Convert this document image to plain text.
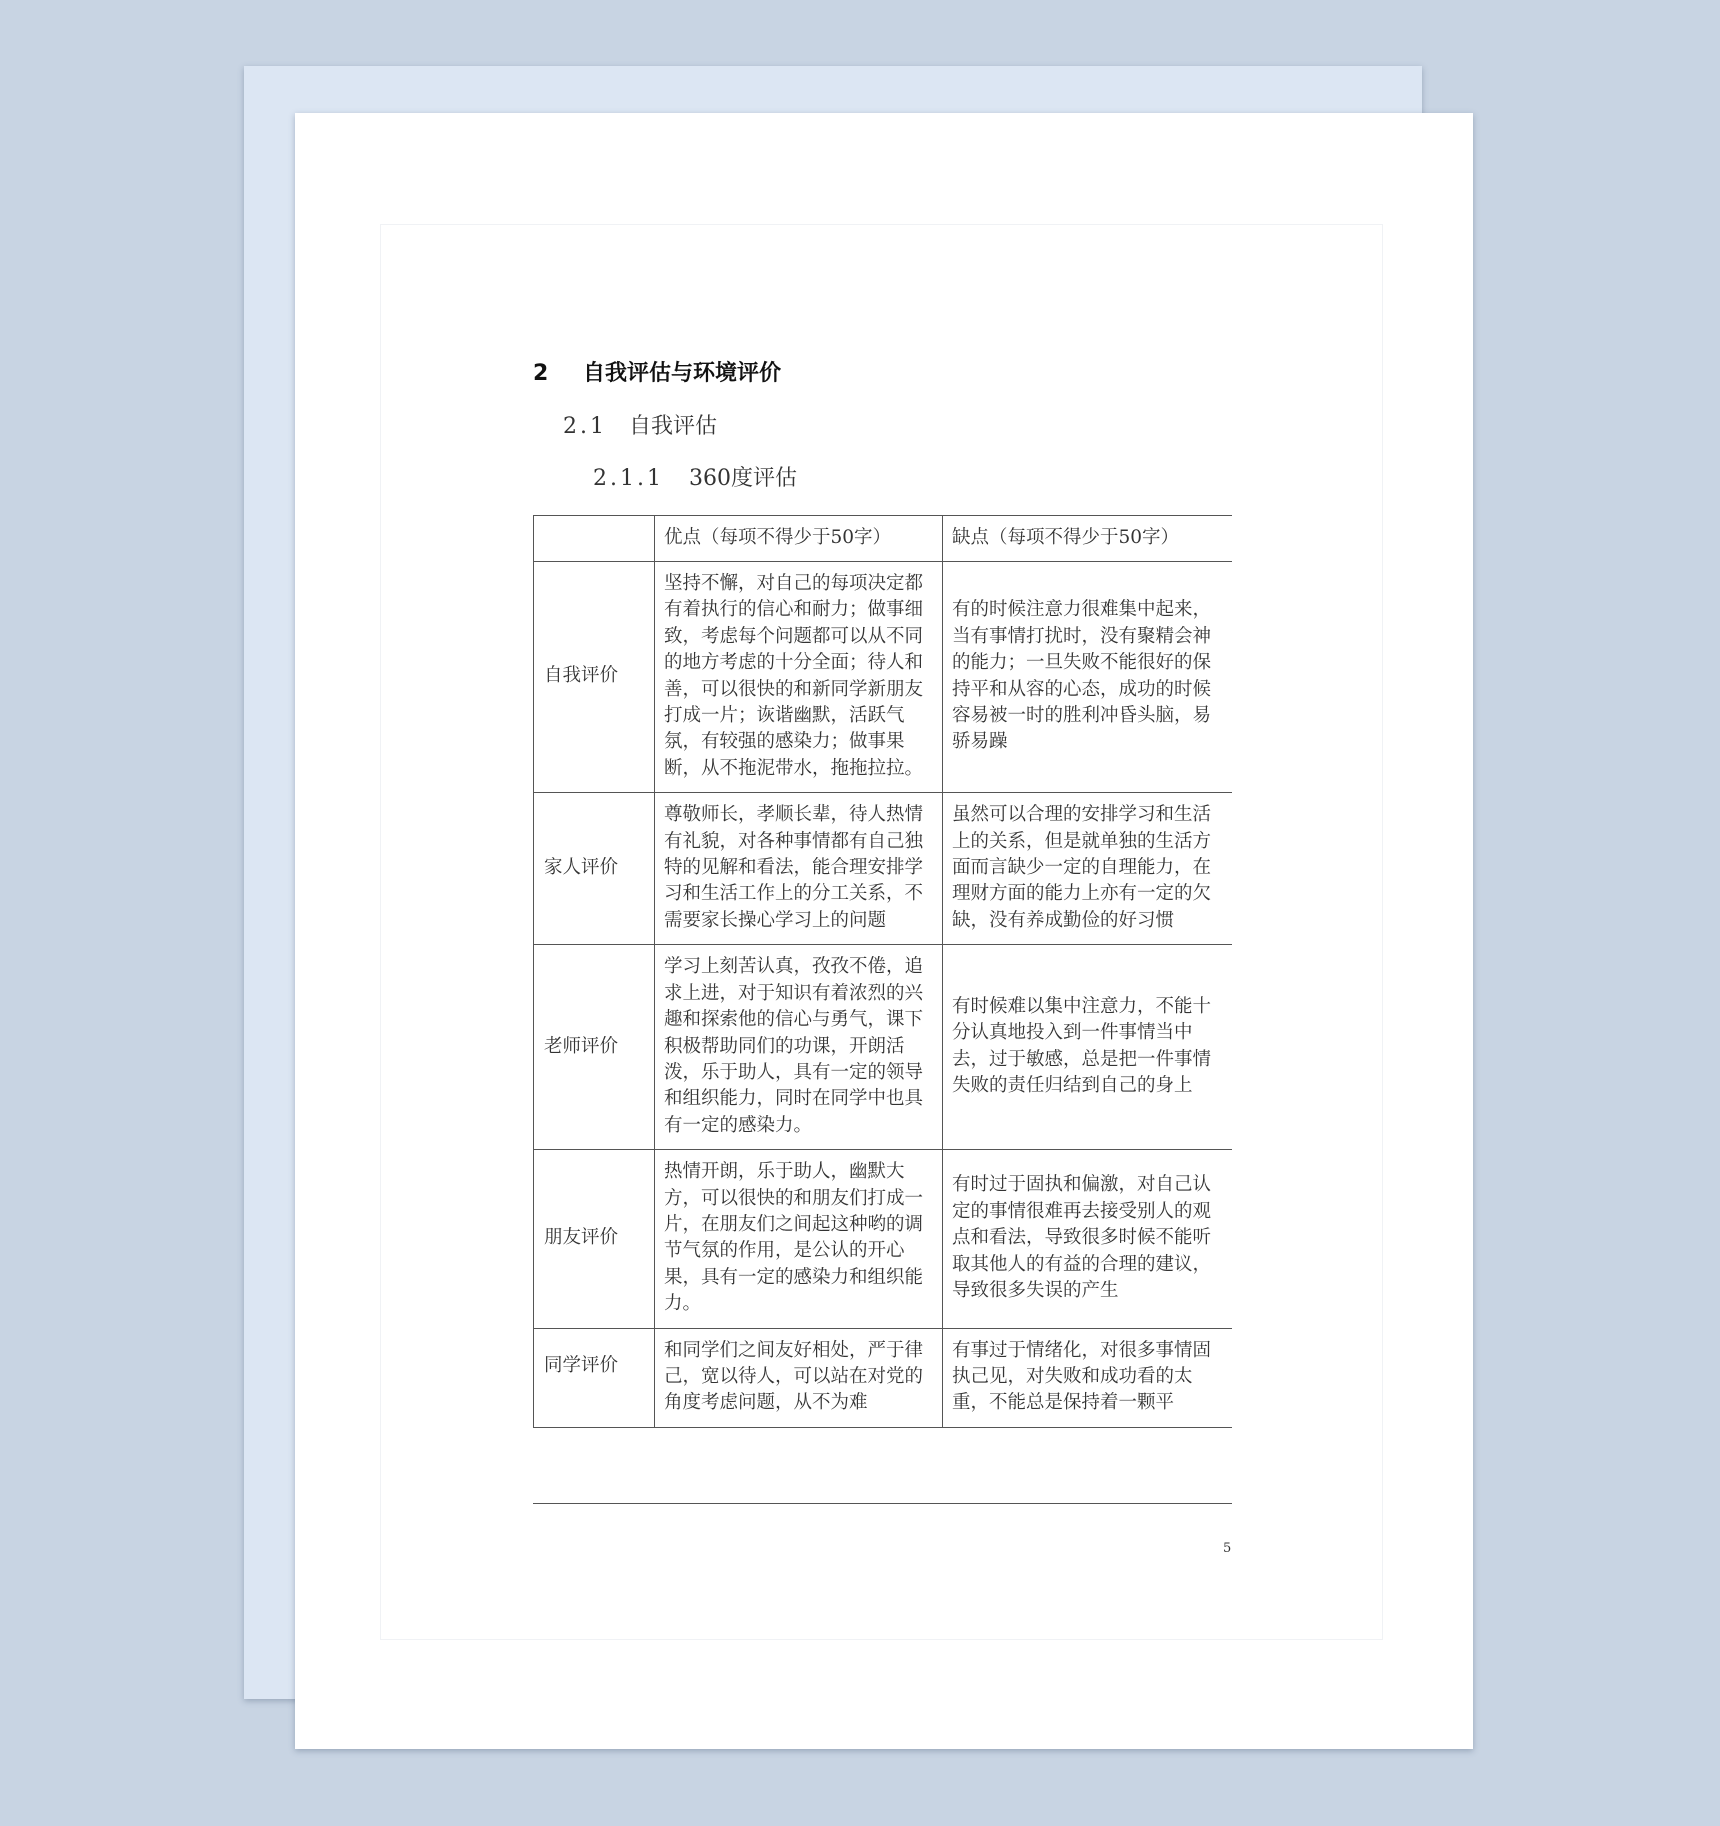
2 自我评估与环境评价
2.1 自我评估
2.1.1 360度评估
	优点（每项不得少于50字）	缺点（每项不得少于50字）
自我评价	坚持不懈，对自己的每项决定都有着执行的信心和耐力；做事细致，考虑每个问题都可以从不同的地方考虑的十分全面；待人和善，可以很快的和新同学新朋友打成一片；诙谐幽默，活跃气氛，有较强的感染力；做事果断，从不拖泥带水，拖拖拉拉。	有的时候注意力很难集中起来，当有事情打扰时，没有聚精会神的能力；一旦失败不能很好的保持平和从容的心态，成功的时候容易被一时的胜利冲昏头脑，易骄易躁
家人评价	尊敬师长，孝顺长辈，待人热情有礼貌，对各种事情都有自己独特的见解和看法，能合理安排学习和生活工作上的分工关系，不需要家长操心学习上的问题	虽然可以合理的安排学习和生活上的关系，但是就单独的生活方面而言缺少一定的自理能力，在理财方面的能力上亦有一定的欠缺，没有养成勤俭的好习惯
老师评价	学习上刻苦认真，孜孜不倦，追求上进，对于知识有着浓烈的兴趣和探索他的信心与勇气，课下积极帮助同们的功课，开朗活泼，乐于助人，具有一定的领导和组织能力，同时在同学中也具有一定的感染力。	有时候难以集中注意力，不能十分认真地投入到一件事情当中去，过于敏感，总是把一件事情失败的责任归结到自己的身上
朋友评价	热情开朗，乐于助人，幽默大方，可以很快的和朋友们打成一片，在朋友们之间起这种哟的调节气氛的作用，是公认的开心果，具有一定的感染力和组织能力。	有时过于固执和偏激，对自己认定的事情很难再去接受别人的观点和看法，导致很多时候不能听取其他人的有益的合理的建议，导致很多失误的产生
同学评价	和同学们之间友好相处，严于律己，宽以待人，可以站在对党的角度考虑问题，从不为难	有事过于情绪化，对很多事情固执己见，对失败和成功看的太重，不能总是保持着一颗平
5
